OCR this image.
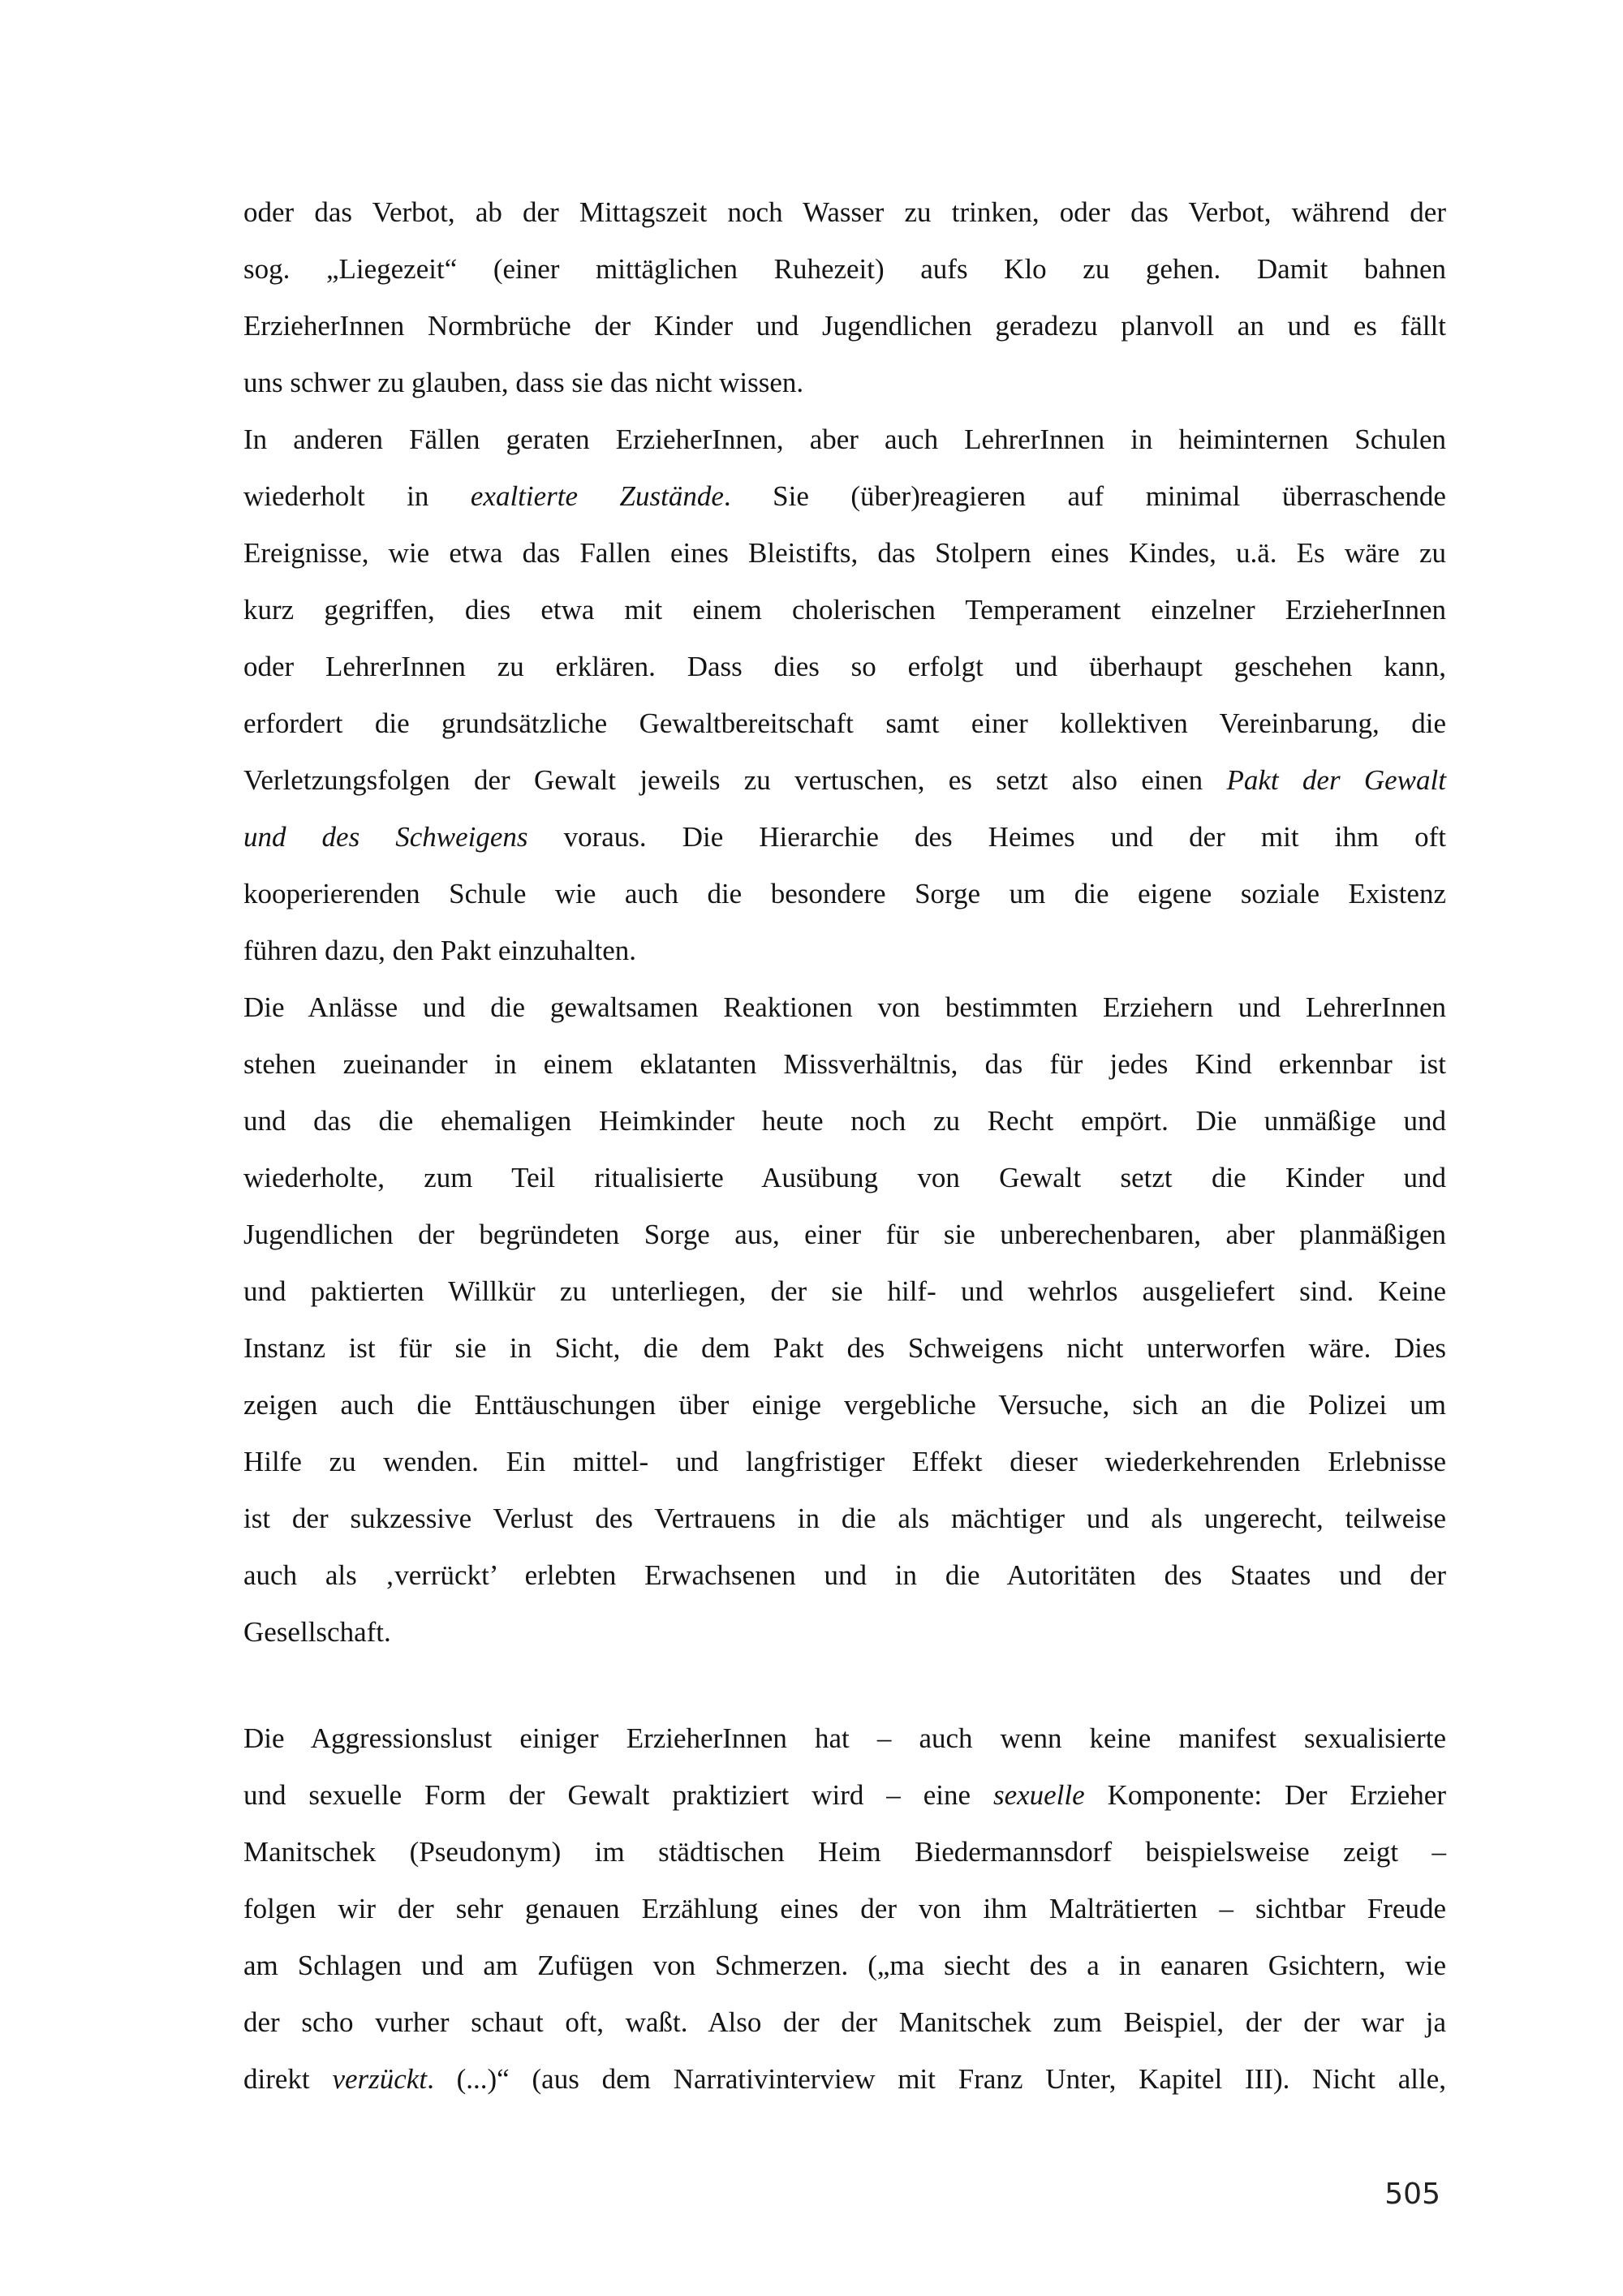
oder das Verbot, ab der Mittagszeit noch Wasser zu trinken, oder das Verbot, während der
sog. „Liegezeit“ (einer mittäglichen Ruhezeit) aufs Klo zu gehen. Damit bahnen
ErzieherInnen Normbrüche der Kinder und Jugendlichen geradezu planvoll an und es fällt
uns schwer zu glauben, dass sie das nicht wissen.
In anderen Fällen geraten ErzieherInnen, aber auch LehrerInnen in heiminternen Schulen
wiederholt in exaltierte Zustände. Sie (über)reagieren auf minimal überraschende
Ereignisse, wie etwa das Fallen eines Bleistifts, das Stolpern eines Kindes, u.ä. Es wäre zu
kurz gegriffen, dies etwa mit einem cholerischen Temperament einzelner ErzieherInnen
oder LehrerInnen zu erklären. Dass dies so erfolgt und überhaupt geschehen kann,
erfordert die grundsätzliche Gewaltbereitschaft samt einer kollektiven Vereinbarung, die
Verletzungsfolgen der Gewalt jeweils zu vertuschen, es setzt also einen Pakt der Gewalt
und des Schweigens voraus. Die Hierarchie des Heimes und der mit ihm oft
kooperierenden Schule wie auch die besondere Sorge um die eigene soziale Existenz
führen dazu, den Pakt einzuhalten.
Die Anlässe und die gewaltsamen Reaktionen von bestimmten Erziehern und LehrerInnen
stehen zueinander in einem eklatanten Missverhältnis, das für jedes Kind erkennbar ist
und das die ehemaligen Heimkinder heute noch zu Recht empört. Die unmäßige und
wiederholte, zum Teil ritualisierte Ausübung von Gewalt setzt die Kinder und
Jugendlichen der begründeten Sorge aus, einer für sie unberechenbaren, aber planmäßigen
und paktierten Willkür zu unterliegen, der sie hilf- und wehrlos ausgeliefert sind. Keine
Instanz ist für sie in Sicht, die dem Pakt des Schweigens nicht unterworfen wäre. Dies
zeigen auch die Enttäuschungen über einige vergebliche Versuche, sich an die Polizei um
Hilfe zu wenden. Ein mittel- und langfristiger Effekt dieser wiederkehrenden Erlebnisse
ist der sukzessive Verlust des Vertrauens in die als mächtiger und als ungerecht, teilweise
auch als ‚verrückt’ erlebten Erwachsenen und in die Autoritäten des Staates und der
Gesellschaft.
Die Aggressionslust einiger ErzieherInnen hat – auch wenn keine manifest sexualisierte
und sexuelle Form der Gewalt praktiziert wird – eine sexuelle Komponente: Der Erzieher
Manitschek (Pseudonym) im städtischen Heim Biedermannsdorf beispielsweise zeigt –
folgen wir der sehr genauen Erzählung eines der von ihm Malträtierten – sichtbar Freude
am Schlagen und am Zufügen von Schmerzen. („ma siecht des a in eanaren Gsichtern, wie
der scho vurher schaut oft, waßt. Also der der Manitschek zum Beispiel, der der war ja
direkt verzückt. (...)“ (aus dem Narrativinterview mit Franz Unter, Kapitel III). Nicht alle,
505
